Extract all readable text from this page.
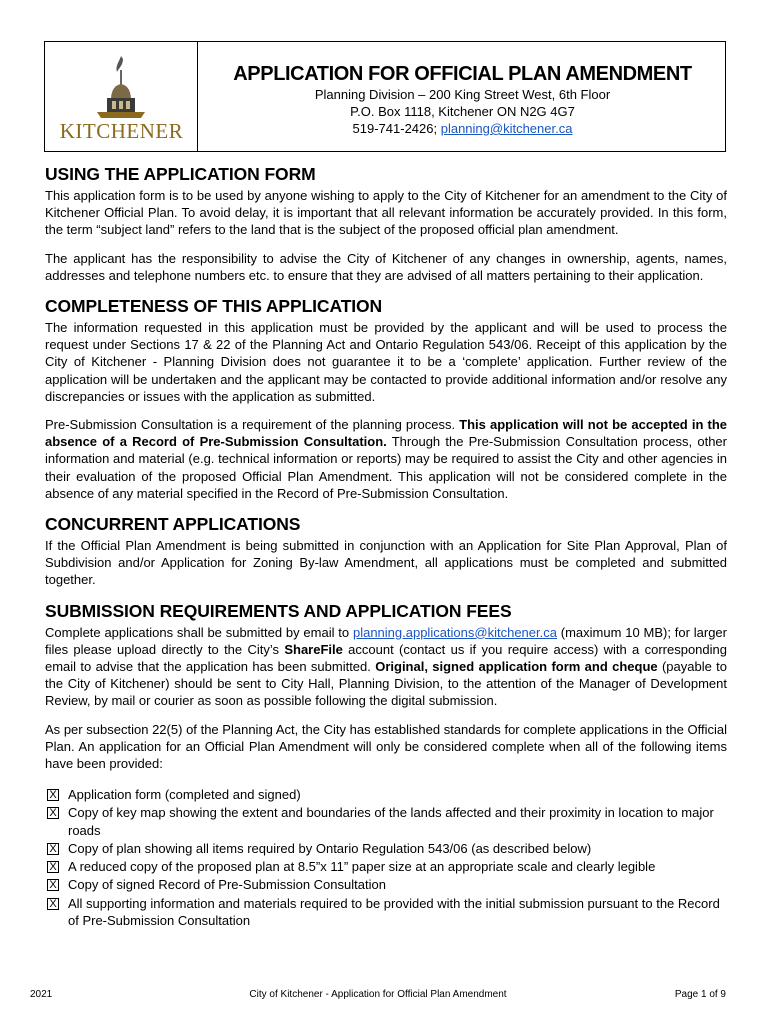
KITCHENER
APPLICATION FOR OFFICIAL PLAN AMENDMENT
Planning Division – 200 King Street West, 6th Floor
P.O. Box 1118, Kitchener ON N2G 4G7
519-741-2426; planning@kitchener.ca
USING THE APPLICATION FORM

This application form is to be used by anyone wishing to apply to the City of Kitchener for an amendment to the City of Kitchener Official Plan. To avoid delay, it is important that all relevant information be accurately provided. In this form, the term “subject land” refers to the land that is the subject of the proposed official plan amendment.

The applicant has the responsibility to advise the City of Kitchener of any changes in ownership, agents, names, addresses and telephone numbers etc. to ensure that they are advised of all matters pertaining to their application.

COMPLETENESS OF THIS APPLICATION

The information requested in this application must be provided by the applicant and will be used to process the request under Sections 17 & 22 of the Planning Act and Ontario Regulation 543/06. Receipt of this application by the City of Kitchener - Planning Division does not guarantee it to be a ‘complete’ application. Further review of the application will be undertaken and the applicant may be contacted to provide additional information and/or resolve any discrepancies or issues with the application as submitted.

Pre-Submission Consultation is a requirement of the planning process. This application will not be accepted in the absence of a Record of Pre-Submission Consultation. Through the Pre-Submission Consultation process, other information and material (e.g. technical information or reports) may be required to assist the City and other agencies in their evaluation of the proposed Official Plan Amendment. This application will not be considered complete in the absence of any material specified in the Record of Pre-Submission Consultation.

CONCURRENT APPLICATIONS

If the Official Plan Amendment is being submitted in conjunction with an Application for Site Plan Approval, Plan of Subdivision and/or Application for Zoning By-law Amendment, all applications must be completed and submitted together.

SUBMISSION REQUIREMENTS AND APPLICATION FEES

Complete applications shall be submitted by email to planning.applications@kitchener.ca (maximum 10 MB); for larger files please upload directly to the City’s ShareFile account (contact us if you require access) with a corresponding email to advise that the application has been submitted. Original, signed application form and cheque (payable to the City of Kitchener) should be sent to City Hall, Planning Division, to the attention of the Manager of Development Review, by mail or courier as soon as possible following the digital submission.

As per subsection 22(5) of the Planning Act, the City has established standards for complete applications in the Official Plan. An application for an Official Plan Amendment will only be considered complete when all of the following items have been provided:

X Application form (completed and signed)
X Copy of key map showing the extent and boundaries of the lands affected and their proximity in location to major roads
X Copy of plan showing all items required by Ontario Regulation 543/06 (as described below)
X A reduced copy of the proposed plan at 8.5”x 11” paper size at an appropriate scale and clearly legible
X Copy of signed Record of Pre-Submission Consultation
X All supporting information and materials required to be provided with the initial submission pursuant to the Record of Pre-Submission Consultation
2021	City of Kitchener - Application for Official Plan Amendment	Page 1 of 9
